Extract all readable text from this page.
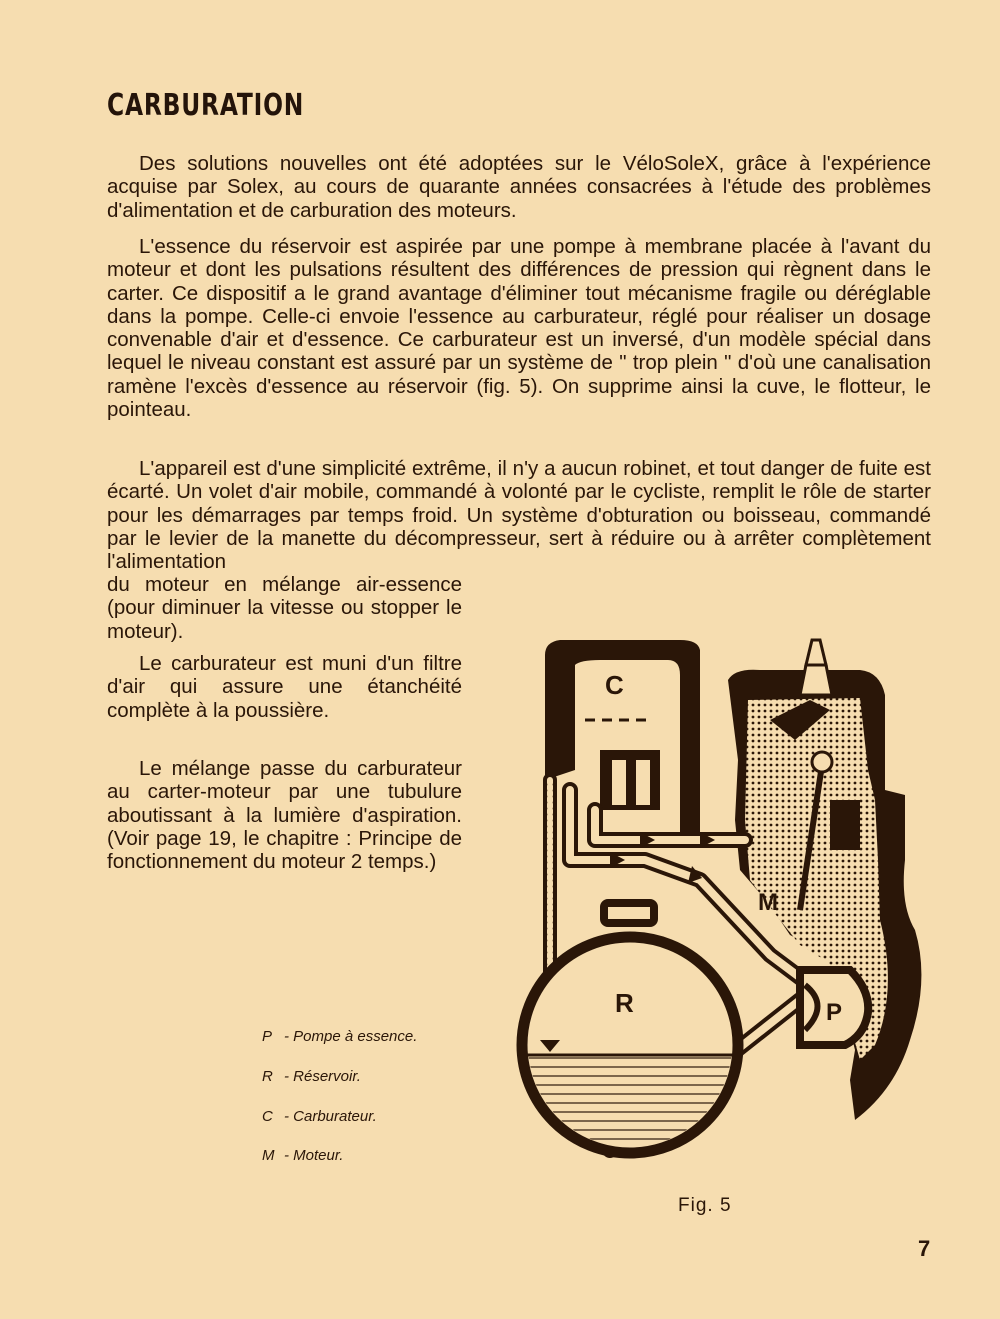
CARBURATION

Des solutions nouvelles ont été adoptées sur le VéloSoleX, grâce à l'expérience acquise par Solex, au cours de quarante années consacrées à l'étude des problèmes d'alimentation et de carburation des moteurs.

L'essence du réservoir est aspirée par une pompe à membrane placée à l'avant du moteur et dont les pulsations résultent des différences de pression qui règnent dans le carter. Ce dispositif a le grand avantage d'éliminer tout mécanisme fragile ou déréglable dans la pompe. Celle-ci envoie l'essence au carburateur, réglé pour réaliser un dosage convenable d'air et d'essence. Ce carburateur est un inversé, d'un modèle spécial dans lequel le niveau constant est assuré par un système de " trop plein " d'où une canalisation ramène l'excès d'essence au réservoir (fig. 5). On supprime ainsi la cuve, le flotteur, le pointeau.

L'appareil est d'une simplicité extrême, il n'y a aucun robinet, et tout danger de fuite est écarté. Un volet d'air mobile, commandé à volonté par le cycliste, remplit le rôle de starter pour les démarrages par temps froid. Un système d'obturation ou boisseau, commandé par le levier de la manette du décompresseur, sert à réduire ou à arrêter complètement l'alimentation

du moteur en mélange air-essence (pour diminuer la vitesse ou stopper le moteur).

Le carburateur est muni d'un filtre d'air qui assure une étanchéité complète à la poussière.

Le mélange passe du carburateur au carter-moteur par une tubulure aboutissant à la lumière d'aspiration. (Voir page 19, le chapitre : Principe de fonctionnement du moteur 2 temps.)

C
R	P
M
P - Pompe à essence.
R - Réservoir.
C - Carburateur.
M - Moteur.
Fig. 5
7
